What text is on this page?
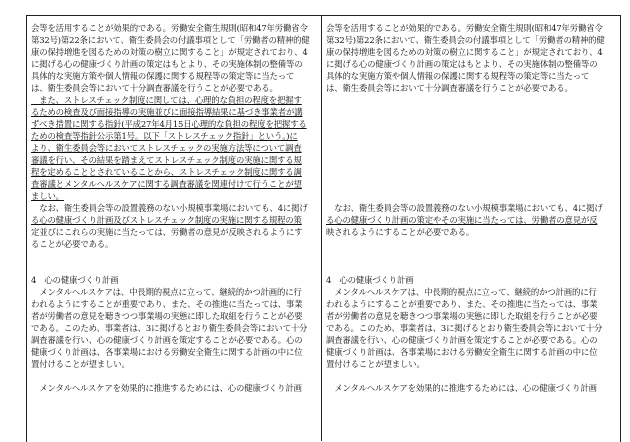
会等を活用することが効果的である。労働安全衛生規則(昭和47年労働省令

第32号)第22条において、衛生委員会の付議事項として「労働者の精神的健

康の保持増進を図るための対策の樹立に関すること」が規定されており、4

に掲げる心の健康づくり計画の策定はもとより、その実施体制の整備等の

具体的な実施方策や個人情報の保護に関する規程等の策定等に当たって

は、衛生委員会等において十分調査審議を行うことが必要である。

　また、ストレスチェック制度に関しては、心理的な負担の程度を把握す

るための検査及び面接指導の実施並びに面接指導結果に基づき事業者が講

ずべき措置に関する指針(平成27年4月15日心理的な負担の程度を把握する

ための検査等指針公示第1号。以下「ストレスチェック指針」という。)に

より、衛生委員会等においてストレスチェックの実施方法等について調査

審議を行い、その結果を踏まえてストレスチェック制度の実施に関する規

程を定めることとされていることから、ストレスチェック制度に関する調

査審議とメンタルヘルスケアに関する調査審議を関連付けて行うことが望

ましい。

　なお、衛生委員会等の設置義務のない小規模事業場においても、4に掲げ

る心の健康づくり計画及びストレスチェック制度の実施に関する規程の策

定並びにこれらの実施に当たっては、労働者の意見が反映されるようにす

ることが必要である。

4　心の健康づくり計画

　メンタルヘルスケアは、中長期的視点に立って、継続的かつ計画的に行

われるようにすることが重要であり、また、その推進に当たっては、事業

者が労働者の意見を聴きつつ事業場の実態に即した取組を行うことが必要

である。このため、事業者は、3に掲げるとおり衛生委員会等において十分

調査審議を行い、心の健康づくり計画を策定することが必要である。心の

健康づくり計画は、各事業場における労働安全衛生に関する計画の中に位

置付けることが望ましい。

　メンタルヘルスケアを効果的に推進するためには、心の健康づくり計画

会等を活用することが効果的である。労働安全衛生規則(昭和47年労働省令

第32号)第22条において、衛生委員会の付議事項として「労働者の精神的健

康の保持増進を図るための対策の樹立に関すること」が規定されており、4

に掲げる心の健康づくり計画の策定はもとより、その実施体制の整備等の

具体的な実施方策や個人情報の保護に関する規程等の策定等に当たって

は、衛生委員会等において十分調査審議を行うことが必要である。

　なお、衛生委員会等の設置義務のない小規模事業場においても、4に掲げ

る心の健康づくり計画の策定やその実施に当たっては、労働者の意見が反

映されるようにすることが必要である。

4　心の健康づくり計画

　メンタルヘルスケアは、中長期的視点に立って、継続的かつ計画的に行

われるようにすることが重要であり、また、その推進に当たっては、事業

者が労働者の意見を聴きつつ事業場の実態に即した取組を行うことが必要

である。このため、事業者は、3に掲げるとおり衛生委員会等において十分

調査審議を行い、心の健康づくり計画を策定することが必要である。心の

健康づくり計画は、各事業場における労働安全衛生に関する計画の中に位

置付けることが望ましい。

　メンタルヘルスケアを効果的に推進するためには、心の健康づくり計画
